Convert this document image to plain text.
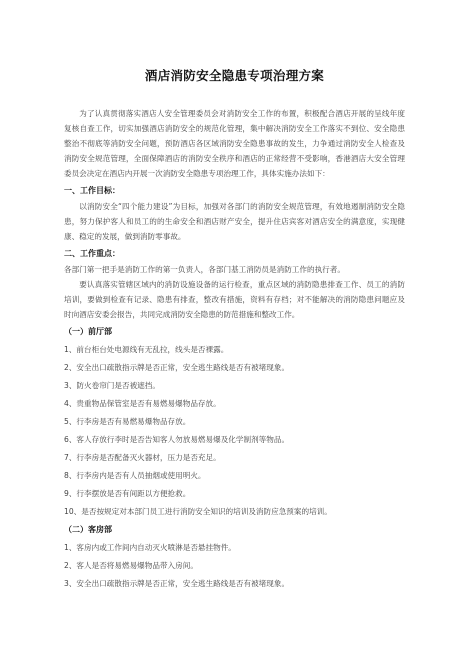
酒店消防安全隐患专项治理方案

为了认真贯彻落实酒店人安全管理委员会对消防安全工作的布置，积极配合酒店开展的呈线年度复核自查工作，切实加强酒店消防安全的规范化管理，集中解决消防安全工作落实不到位、安全隐患整治不彻底等消防安全问题，预防酒店各区域消防安全隐患事故的发生，力争通过消防安全人检查及消防安全规范管理，全面保障酒店的消防安全秩序和酒店的正常经营不受影响，香港酒店大安全管理委员会决定在酒店内开展一次消防安全隐患专项治理工作，具体实施办法如下：

一、工作目标：

以消防安全“四个能力建设”为目标，加强对各部门的消防安全规范管理，有效地遏制消防安全隐患，努力保护客人和员工的的生命安全和酒店财产安全，提升住店宾客对酒店安全的满意度，实现健康、稳定的发展，做到消防零事故。

二、工作重点：

各部门第一把手是消防工作的第一负责人，各部门基工消防员是消防工作的执行者。

要认真落实管辖区域内的消防设施设备的运行检查，重点区域的消防隐患排查工作、员工的消防培训，要做到检查有记录、隐患有排查，整改有措施，资料有存档；对不能解决的消防隐患问题应及时向酒店安委会报告，共同完成消防安全隐患的防范措施和整改工作。

（一）前厅部
1、前台柜台处电源线有无乱拉，线头是否裸露。
2、安全出口疏散指示牌是否正常，安全逃生路线是否有被堵现象。
3、防火卷帘门是否被遮挡。
4、贵重物品保管室是否有易燃易爆物品存放。
5、行李房是否有易燃易爆物品存放。
6、客人存放行李时是否告知客人勿放易燃易爆及化学制剂等物品。
7、行李房是否配备灭火器材，压力是否充足。
8、行李房内是否有人员抽烟或使用明火。
9、行李摆放是否有间距以方便抢救。
10、是否按规定对本部门员工进行消防安全知识的培训及消防应急预案的培训。
（二）客房部
1、客房内或工作间内自动灭火喷淋是否悬挂物件。
2、客人是否将易燃易爆物品带入房间。
3、安全出口疏散指示牌是否正常，安全逃生路线是否有被堵现象。
